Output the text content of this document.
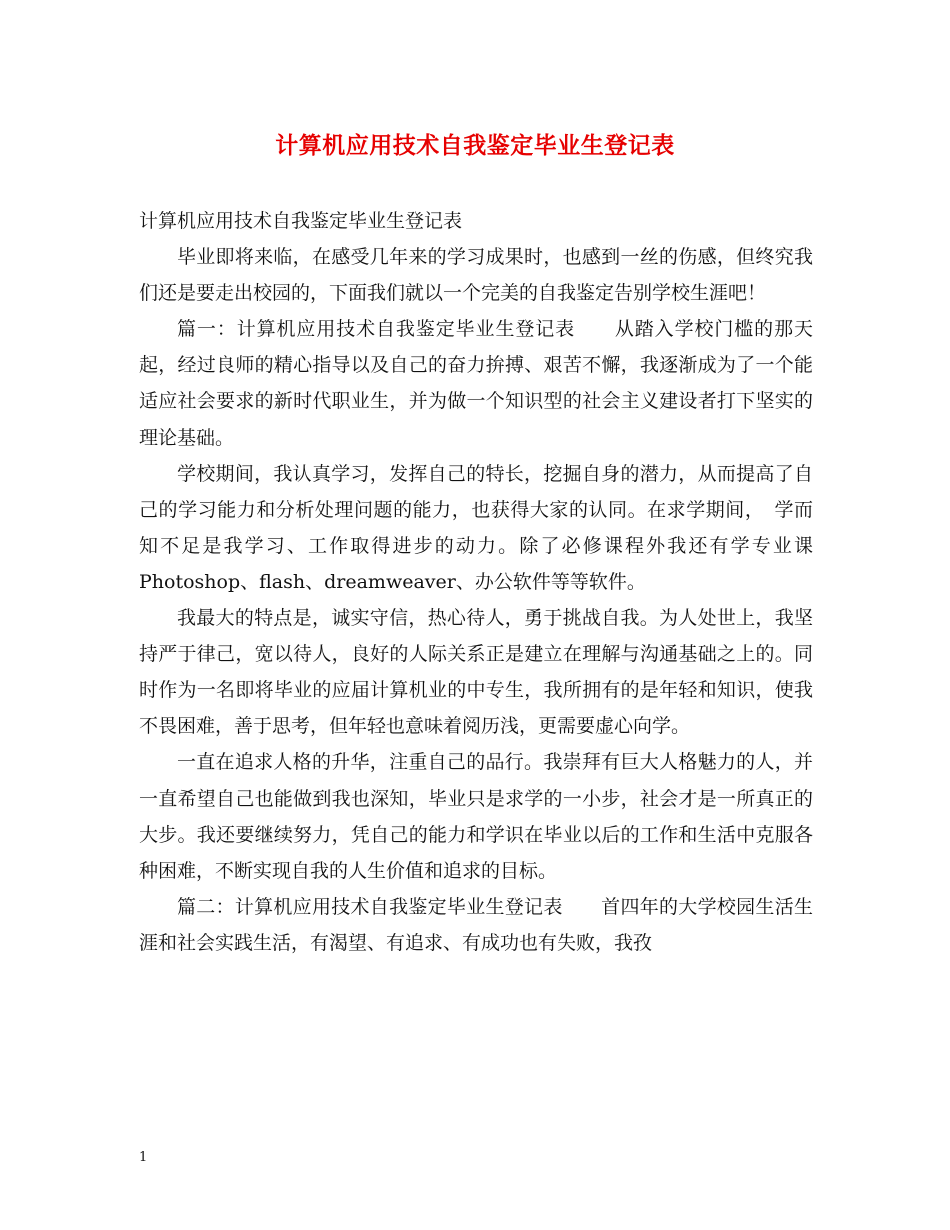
计算机应用技术自我鉴定毕业生登记表

计算机应用技术自我鉴定毕业生登记表

毕业即将来临，在感受几年来的学习成果时，也感到一丝的伤感，但终究我们还是要走出校园的，下面我们就以一个完美的自我鉴定告别学校生涯吧！

篇一：计算机应用技术自我鉴定毕业生登记表　　从踏入学校门槛的那天起，经过良师的精心指导以及自己的奋力拚搏、艰苦不懈，我逐渐成为了一个能适应社会要求的新时代职业生，并为做一个知识型的社会主义建设者打下坚实的理论基础。

学校期间，我认真学习，发挥自己的特长，挖掘自身的潜力，从而提高了自己的学习能力和分析处理问题的能力，也获得大家的认同。在求学期间，　学而知不足是我学习、工作取得进步的动力。除了必修课程外我还有学专业课Photoshop、flash、dreamweaver、办公软件等等软件。

我最大的特点是，诚实守信，热心待人，勇于挑战自我。为人处世上，我坚持严于律己，宽以待人，良好的人际关系正是建立在理解与沟通基础之上的。同时作为一名即将毕业的应届计算机业的中专生，我所拥有的是年轻和知识，使我不畏困难，善于思考，但年轻也意味着阅历浅，更需要虚心向学。

一直在追求人格的升华，注重自己的品行。我崇拜有巨大人格魅力的人，并一直希望自己也能做到我也深知，毕业只是求学的一小步，社会才是一所真正的大步。我还要继续努力，凭自己的能力和学识在毕业以后的工作和生活中克服各种困难，不断实现自我的人生价值和追求的目标。

篇二：计算机应用技术自我鉴定毕业生登记表　　首四年的大学校园生活生涯和社会实践生活，有渴望、有追求、有成功也有失败，我孜

1
